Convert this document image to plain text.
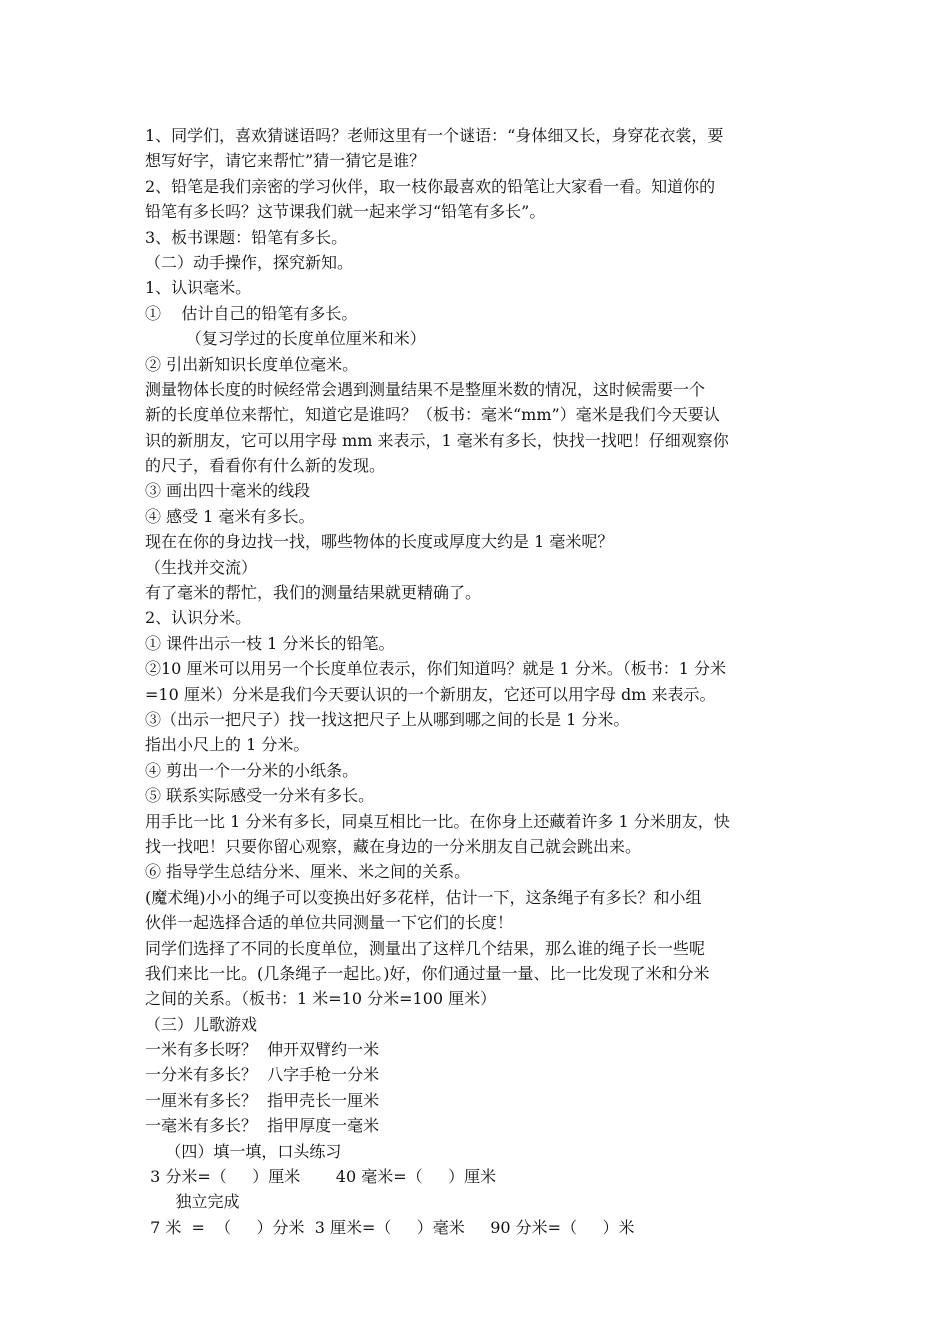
1、同学们，喜欢猜谜语吗？老师这里有一个谜语：“身体细又长，身穿花衣裳，要
想写好字，请它来帮忙”猜一猜它是谁？
2、铅笔是我们亲密的学习伙伴，取一枝你最喜欢的铅笔让大家看一看。知道你的
铅笔有多长吗？这节课我们就一起来学习“铅笔有多长”。
3、板书课题：铅笔有多长。
（二）动手操作，探究新知。
1、认识毫米。
①    估计自己的铅笔有多长。
（复习学过的长度单位厘米和米）
② 引出新知识长度单位毫米。
测量物体长度的时候经常会遇到测量结果不是整厘米数的情况，这时候需要一个
新的长度单位来帮忙，知道它是谁吗？（板书：毫米“mm”）毫米是我们今天要认
识的新朋友，它可以用字母 mm 来表示，1 毫米有多长，快找一找吧！仔细观察你
的尺子，看看你有什么新的发现。
③ 画出四十毫米的线段
④ 感受 1 毫米有多长。
现在在你的身边找一找，哪些物体的长度或厚度大约是 1 毫米呢？
（生找并交流）
有了毫米的帮忙，我们的测量结果就更精确了。
2、认识分米。
① 课件出示一枝 1 分米长的铅笔。
②10 厘米可以用另一个长度单位表示，你们知道吗？就是 1 分米。（板书：1 分米
=10 厘米）分米是我们今天要认识的一个新朋友，它还可以用字母 dm 来表示。
③（出示一把尺子）找一找这把尺子上从哪到哪之间的长是 1 分米。
指出小尺上的 1 分米。
④ 剪出一个一分米的小纸条。
⑤ 联系实际感受一分米有多长。
用手比一比 1 分米有多长，同桌互相比一比。在你身上还藏着许多 1 分米朋友，快
找一找吧！只要你留心观察，藏在身边的一分米朋友自己就会跳出来。
⑥ 指导学生总结分米、厘米、米之间的关系。
(魔术绳)小小的绳子可以变换出好多花样，估计一下，这条绳子有多长？和小组
伙伴一起选择合适的单位共同测量一下它们的长度！
同学们选择了不同的长度单位，测量出了这样几个结果，那么谁的绳子长一些呢
我们来比一比。(几条绳子一起比。)好，你们通过量一量、比一比发现了米和分米
之间的关系。（板书：1 米=10 分米=100 厘米）
（三）儿歌游戏
一米有多长呀？  伸开双臂约一米
一分米有多长？  八字手枪一分米
一厘米有多长？  指甲壳长一厘米
一毫米有多长？  指甲厚度一毫米
（四）填一填，口头练习
3 分米=（     ）厘米       40 毫米=（     ）厘米
独立完成
7 米  =  （     ）分米  3 厘米=（     ）毫米     90 分米=（     ）米
